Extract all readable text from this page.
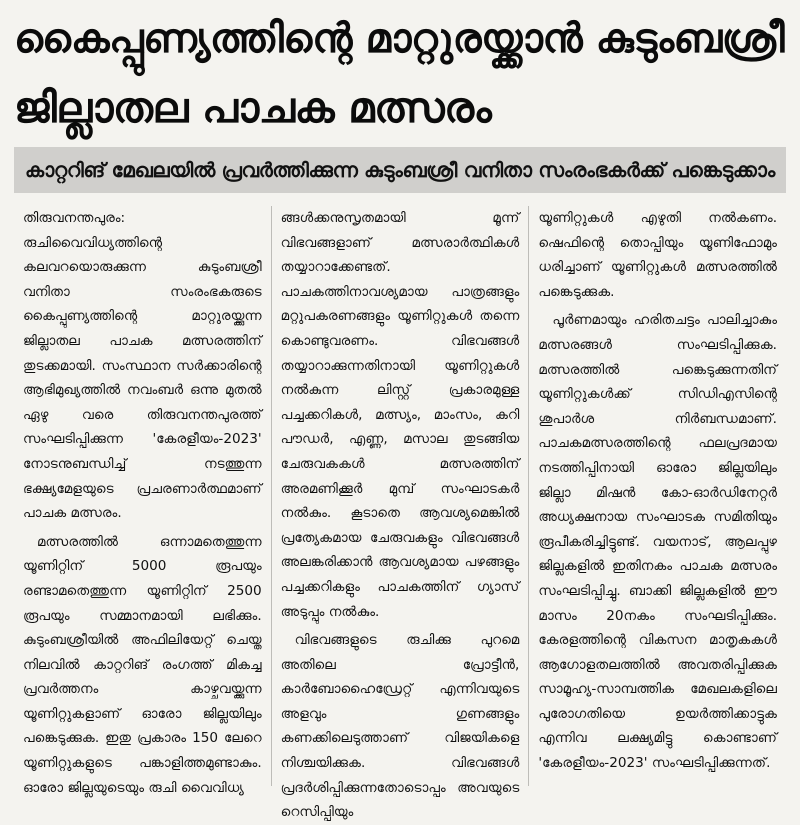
കൈപ്പുണ്യത്തിന്റെ മാറ്റുരയ്ക്കാൻ കുടുംബശ്രീ
ജില്ലാതല പാചക മത്സരം
കാറ്ററിങ് മേഖലയിൽ പ്രവർത്തിക്കുന്ന കുടുംബശ്രീ വനിതാ സംരംഭകർക്ക് പങ്കെടുക്കാം

തിരുവനന്തപുരം: രുചിവൈവിധ്യത്തിന്റെ കലവറയൊരുക്കുന്ന കുടുംബശ്രീ വനിതാ സംരംഭകരുടെ കൈപ്പുണ്യത്തിന്റെ മാറ്റുരയ്ക്കുന്ന ജില്ലാതല പാചക മത്സരത്തിന് തുടക്കമായി. സംസ്ഥാന സർക്കാരിന്റെ ആഭിമുഖ്യത്തിൽ നവംബർ ഒന്നു മുതൽ ഏഴു വരെ തിരുവനന്തപുരത്ത് സംഘടിപ്പിക്കുന്ന 'കേരളീയം-2023' നോടനുബന്ധിച്ച് നടത്തുന്ന ഭക്ഷ്യമേളയുടെ പ്രചരണാർത്ഥമാണ് പാചക മത്സരം.

മത്സരത്തിൽ ഒന്നാമതെത്തുന്ന യൂണിറ്റിന് 5000 രൂപയും രണ്ടാമതെത്തുന്ന യൂണിറ്റിന് 2500 രൂപയും സമ്മാനമായി ലഭിക്കും. കുടുംബശ്രീയിൽ അഫിലിയേറ്റ് ചെയ്ത നിലവിൽ കാറ്ററിങ് രംഗത്ത് മികച്ച പ്രവർത്തനം കാഴ്ചവയ്ക്കുന്ന യൂണിറ്റുകളാണ് ഓരോ ജില്ലയിലും പങ്കെടുക്കുക. ഇതു പ്രകാരം 150 ലേറെ യൂണിറ്റുകളുടെ പങ്കാളിത്തമുണ്ടാകും. ഓരോ ജില്ലയുടെയും രുചി വൈവിധ്യ

ങ്ങൾക്കനുസൃതമായി മൂന്ന് വിഭവങ്ങളാണ് മത്സരാർത്ഥികൾ തയ്യാറാക്കേണ്ടത്. പാചകത്തിനാവശ്യമായ പാത്രങ്ങളും മറ്റുപകരണങ്ങളും യൂണിറ്റുകൾ തന്നെ കൊണ്ടുവരണം. വിഭവങ്ങൾ തയ്യാറാക്കുന്നതിനായി യൂണിറ്റുകൾ നൽകുന്ന ലിസ്റ്റ് പ്രകാരമുള്ള പച്ചക്കറികൾ, മത്സ്യം, മാംസം, കറി പൗഡർ, എണ്ണ, മസാല തുടങ്ങിയ ചേരുവകകൾ മത്സരത്തിന് അരമണിക്കൂർ മുമ്പ് സംഘാടകർ നൽകും. കൂടാതെ ആവശ്യമെങ്കിൽ പ്രത്യേകമായ ചേരുവകളും വിഭവങ്ങൾ അലങ്കരിക്കാൻ ആവശ്യമായ പഴങ്ങളും പച്ചക്കറികളും പാചകത്തിന് ഗ്യാസ് അടുപ്പും നൽകും.

വിഭവങ്ങളുടെ രുചിക്കു പുറമെ അതിലെ പ്രോട്ടീൻ, കാർബോഹൈഡ്രേറ്റ് എന്നിവയുടെ അളവും ഗുണങ്ങളും കണക്കിലെടുത്താണ് വിജയികളെ നിശ്ചയിക്കുക. വിഭവങ്ങൾ പ്രദർശിപ്പിക്കുന്നതോടൊപ്പം അവയുടെ റെസിപ്പിയും

യൂണിറ്റുകൾ എഴുതി നൽകണം. ഷെഫിന്റെ തൊപ്പിയും യൂണിഫോമും ധരിച്ചാണ് യൂണിറ്റുകൾ മത്സരത്തിൽ പങ്കെടുക്കുക.

പൂർണമായും ഹരിതചട്ടം പാലിച്ചാകും മത്സരങ്ങൾ സംഘടിപ്പിക്കുക. മത്സരത്തിൽ പങ്കെടുക്കുന്നതിന് യൂണിറ്റുകൾക്ക് സിഡിഎസിന്റെ ശുപാർശ നിർബന്ധമാണ്. പാചകമത്സരത്തിന്റെ ഫലപ്രദമായ നടത്തിപ്പിനായി ഓരോ ജില്ലയിലും ജില്ലാ മിഷൻ കോ-ഓർഡിനേറ്റർ അധ്യക്ഷനായ സംഘാടക സമിതിയും രൂപീകരിച്ചിട്ടുണ്ട്. വയനാട്, ആലപ്പുഴ ജില്ലകളിൽ ഇതിനകം പാചക മത്സരം സംഘടിപ്പിച്ചു. ബാക്കി ജില്ലകളിൽ ഈ മാസം 20നകം സംഘടിപ്പിക്കും. കേരളത്തിന്റെ വികസന മാതൃകകൾ ആഗോളതലത്തിൽ അവതരിപ്പിക്കുക സാമൂഹ്യ-സാമ്പത്തിക മേഖലകളിലെ പുരോഗതിയെ ഉയർത്തിക്കാട്ടുക എന്നിവ ലക്ഷ്യമിട്ടു കൊണ്ടാണ് 'കേരളീയം-2023' സംഘടിപ്പിക്കുന്നത്.
